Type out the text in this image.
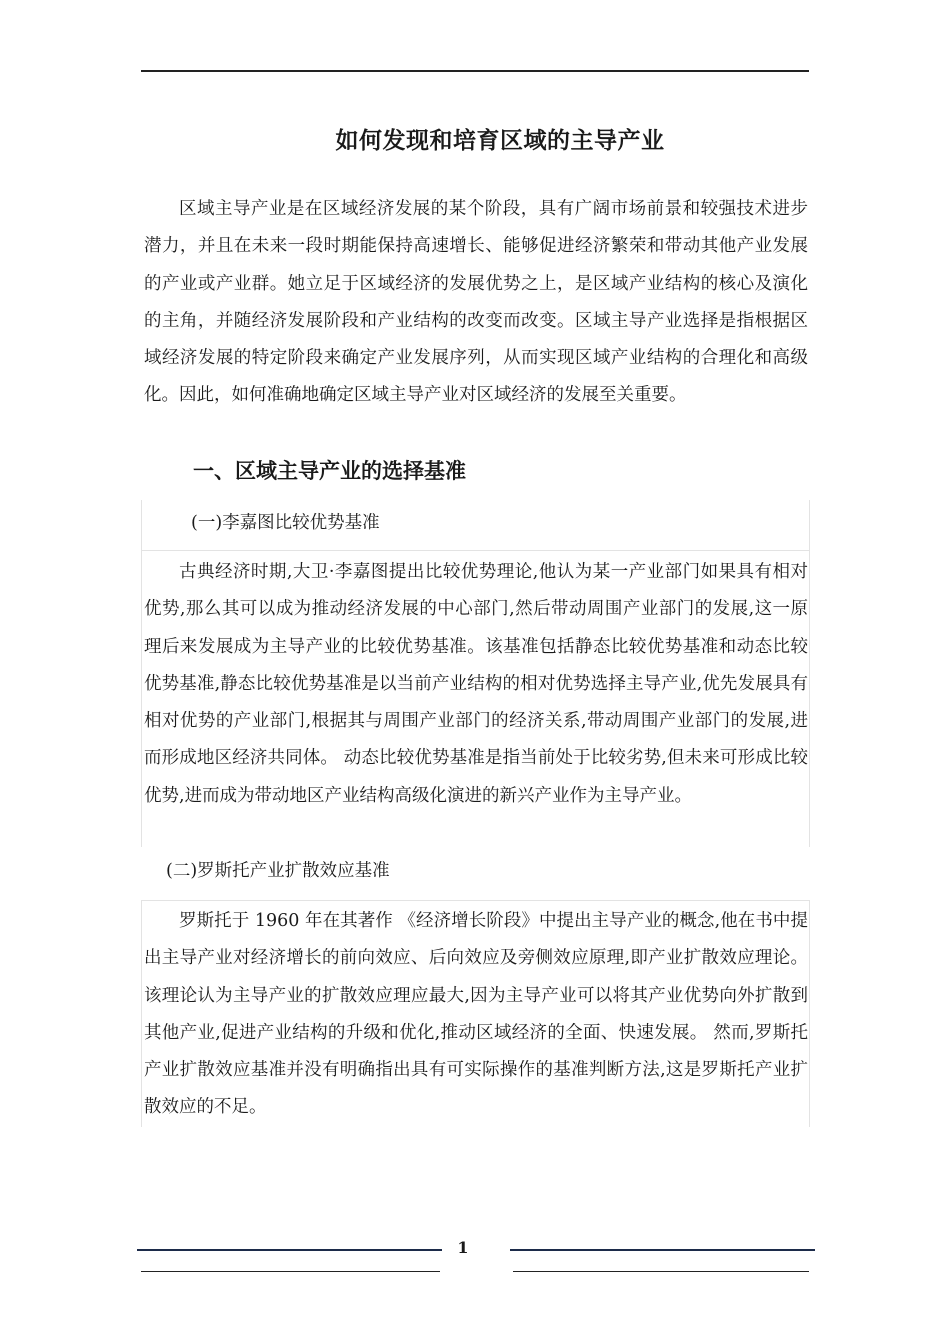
如何发现和培育区域的主导产业

区域主导产业是在区域经济发展的某个阶段，具有广阔市场前景和较强技术进步潜力，并且在未来一段时期能保持高速增长、能够促进经济繁荣和带动其他产业发展的产业或产业群。她立足于区域经济的发展优势之上，是区域产业结构的核心及演化的主角，并随经济发展阶段和产业结构的改变而改变。区域主导产业选择是指根据区域经济发展的特定阶段来确定产业发展序列，从而实现区域产业结构的合理化和高级化。因此，如何准确地确定区域主导产业对区域经济的发展至关重要。

一、区域主导产业的选择基准
(一)李嘉图比较优势基准

古典经济时期,大卫·李嘉图提出比较优势理论,他认为某一产业部门如果具有相对优势,那么其可以成为推动经济发展的中心部门,然后带动周围产业部门的发展,这一原理后来发展成为主导产业的比较优势基准。该基准包括静态比较优势基准和动态比较优势基准,静态比较优势基准是以当前产业结构的相对优势选择主导产业,优先发展具有相对优势的产业部门,根据其与周围产业部门的经济关系,带动周围产业部门的发展,进而形成地区经济共同体。 动态比较优势基准是指当前处于比较劣势,但未来可形成比较优势,进而成为带动地区产业结构高级化演进的新兴产业作为主导产业。

(二)罗斯托产业扩散效应基准

罗斯托于 1960 年在其著作 《经济增长阶段》中提出主导产业的概念,他在书中提出主导产业对经济增长的前向效应、后向效应及旁侧效应原理,即产业扩散效应理论。该理论认为主导产业的扩散效应理应最大,因为主导产业可以将其产业优势向外扩散到其他产业,促进产业结构的升级和优化,推动区域经济的全面、快速发展。 然而,罗斯托产业扩散效应基准并没有明确指出具有可实际操作的基准判断方法,这是罗斯托产业扩散效应的不足。

1
